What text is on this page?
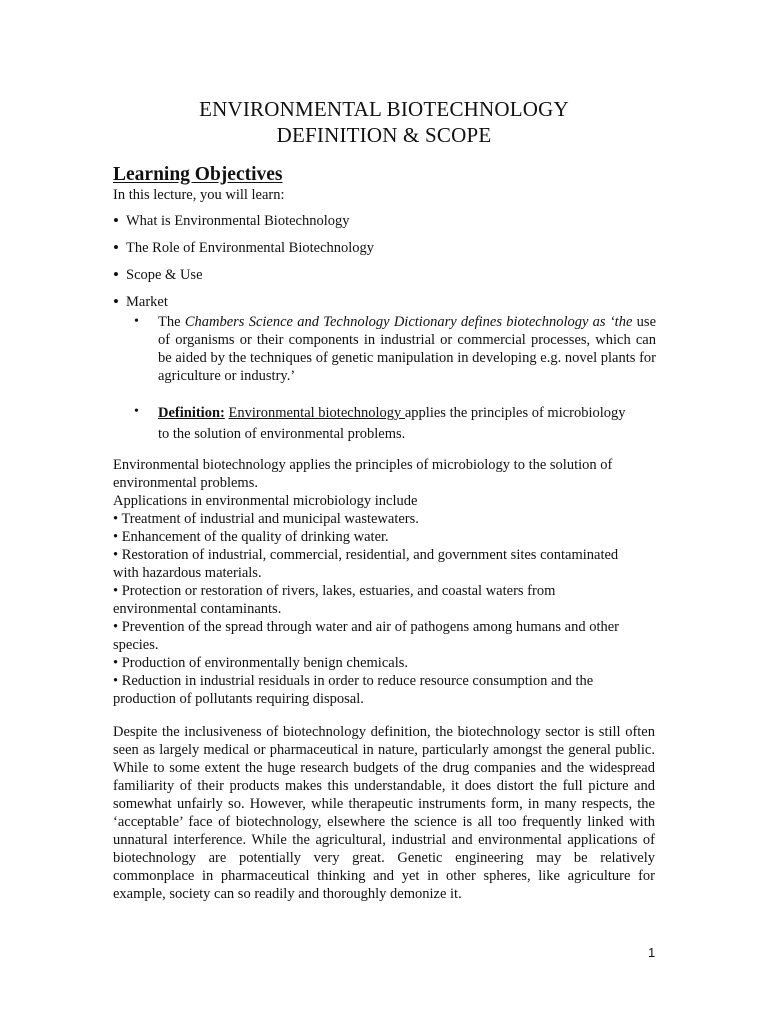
ENVIRONMENTAL BIOTECHNOLOGY
DEFINITION & SCOPE
Learning Objectives
In this lecture, you will learn:
• What is Environmental Biotechnology
• The Role of Environmental Biotechnology
• Scope & Use
• Market
• The Chambers Science and Technology Dictionary defines biotechnology as ‘the use of organisms or their components in industrial or commercial processes, which can be aided by the techniques of genetic manipulation in developing e.g. novel plants for agriculture or industry.’

• Definition: Environmental biotechnology applies the principles of microbiology

to the solution of environmental problems.

Environmental biotechnology applies the principles of microbiology to the solution of
environmental problems.
Applications in environmental microbiology include
• Treatment of industrial and municipal wastewaters.
• Enhancement of the quality of drinking water.
• Restoration of industrial, commercial, residential, and government sites contaminated
with hazardous materials.
• Protection or restoration of rivers, lakes, estuaries, and coastal waters from
environmental contaminants.
• Prevention of the spread through water and air of pathogens among humans and other
species.
• Production of environmentally benign chemicals.
• Reduction in industrial residuals in order to reduce resource consumption and the
production of pollutants requiring disposal.
Despite the inclusiveness of biotechnology definition, the biotechnology sector is still often seen as largely medical or pharmaceutical in nature, particularly amongst the general public. While to some extent the huge research budgets of the drug companies and the widespread familiarity of their products makes this understandable, it does distort the full picture and somewhat unfairly so. However, while therapeutic instruments form, in many respects, the ‘acceptable’ face of biotechnology, elsewhere the science is all too frequently linked with unnatural interference. While the agricultural, industrial and environmental applications of biotechnology are potentially very great. Genetic engineering may be relatively commonplace in pharmaceutical thinking and yet in other spheres, like agriculture for example, society can so readily and thoroughly demonize it.
1
